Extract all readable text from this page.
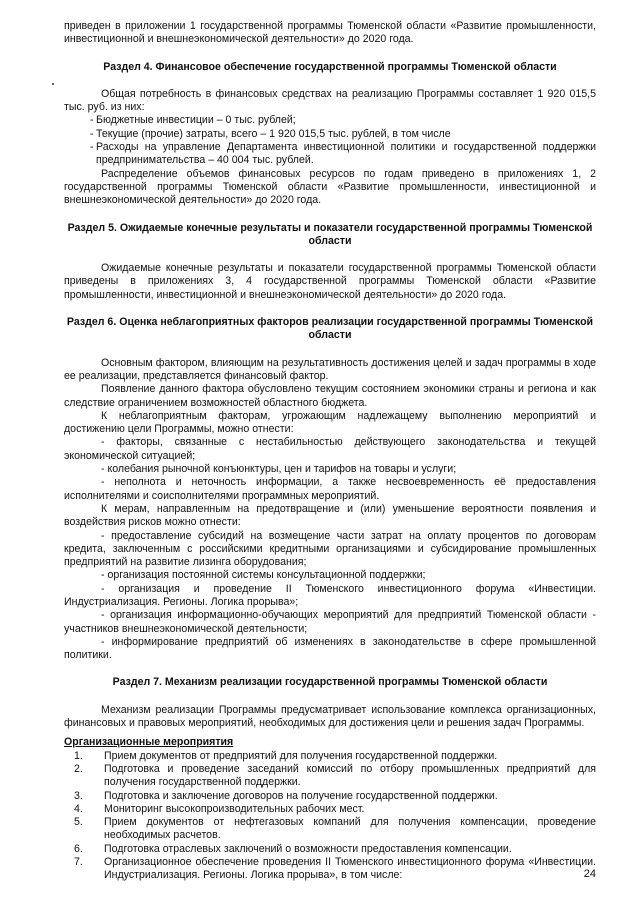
приведен в приложении 1 государственной программы Тюменской области «Развитие промышленности, инвестиционной и внешнеэкономической деятельности» до 2020 года.

Раздел 4. Финансовое обеспечение государственной программы Тюменской области

Общая потребность в финансовых средствах на реализацию Программы составляет 1 920 015,5 тыс. руб. из них:

- Бюджетные инвестиции – 0 тыс. рублей;
- Текущие (прочие) затраты, всего – 1 920 015,5 тыс. рублей, в том числе
- Расходы на управление Департамента инвестиционной политики и государственной поддержки предпринимательства – 40 004 тыс. рублей.

Распределение объемов финансовых ресурсов по годам приведено в приложениях 1, 2 государственной программы Тюменской области «Развитие промышленности, инвестиционной и внешнеэкономической деятельности» до 2020 года.

Раздел 5. Ожидаемые конечные результаты и показатели государственной программы Тюменской области

Ожидаемые конечные результаты и показатели государственной программы Тюменской области приведены в приложениях 3, 4 государственной программы Тюменской области «Развитие промышленности, инвестиционной и внешнеэкономической деятельности» до 2020 года.

Раздел 6. Оценка неблагоприятных факторов реализации государственной программы Тюменской области

Основным фактором, влияющим на результативность достижения целей и задач программы в ходе ее реализации, представляется финансовый фактор.

Появление данного фактора обусловлено текущим состоянием экономики страны и региона и как следствие ограничением возможностей областного бюджета.

К неблагоприятным факторам, угрожающим надлежащему выполнению мероприятий и достижению цели Программы, можно отнести:

- факторы, связанные с нестабильностью действующего законодательства и текущей экономической ситуацией;

- колебания рыночной конъюнктуры, цен и тарифов на товары и услуги;

- неполнота и неточность информации, а также несвоевременность её предоставления исполнителями и соисполнителями программных мероприятий.

К мерам, направленным на предотвращение и (или) уменьшение вероятности появления и воздействия рисков можно отнести:

- предоставление субсидий на возмещение части затрат на оплату процентов по договорам кредита, заключенным с российскими кредитными организациями и субсидирование промышленных предприятий на развитие лизинга оборудования;

- организация постоянной системы консультационной поддержки;

- организация и проведение II Тюменского инвестиционного форума «Инвестиции. Индустриализация. Регионы. Логика прорыва»;

- организация информационно-обучающих мероприятий для предприятий Тюменской области - участников внешнеэкономической деятельности;

- информирование предприятий об изменениях в законодательстве в сфере промышленной политики.

Раздел 7. Механизм реализации государственной программы Тюменской области

Механизм реализации Программы предусматривает использование комплекса организационных, финансовых и правовых мероприятий, необходимых для достижения цели и решения задач Программы.

Организационные мероприятия
1. Прием документов от предприятий для получения государственной поддержки.
2. Подготовка и проведение заседаний комиссий по отбору промышленных предприятий для получения государственной поддержки.
3. Подготовка и заключение договоров на получение государственной поддержки.
4. Мониторинг высокопроизводительных рабочих мест.
5. Прием документов от нефтегазовых компаний для получения компенсации, проведение необходимых расчетов.
6. Подготовка отраслевых заключений о возможности предоставления компенсации.
7. Организационное обеспечение проведения II Тюменского инвестиционного форума «Инвестиции. Индустриализация. Регионы. Логика прорыва», в том числе:	24
